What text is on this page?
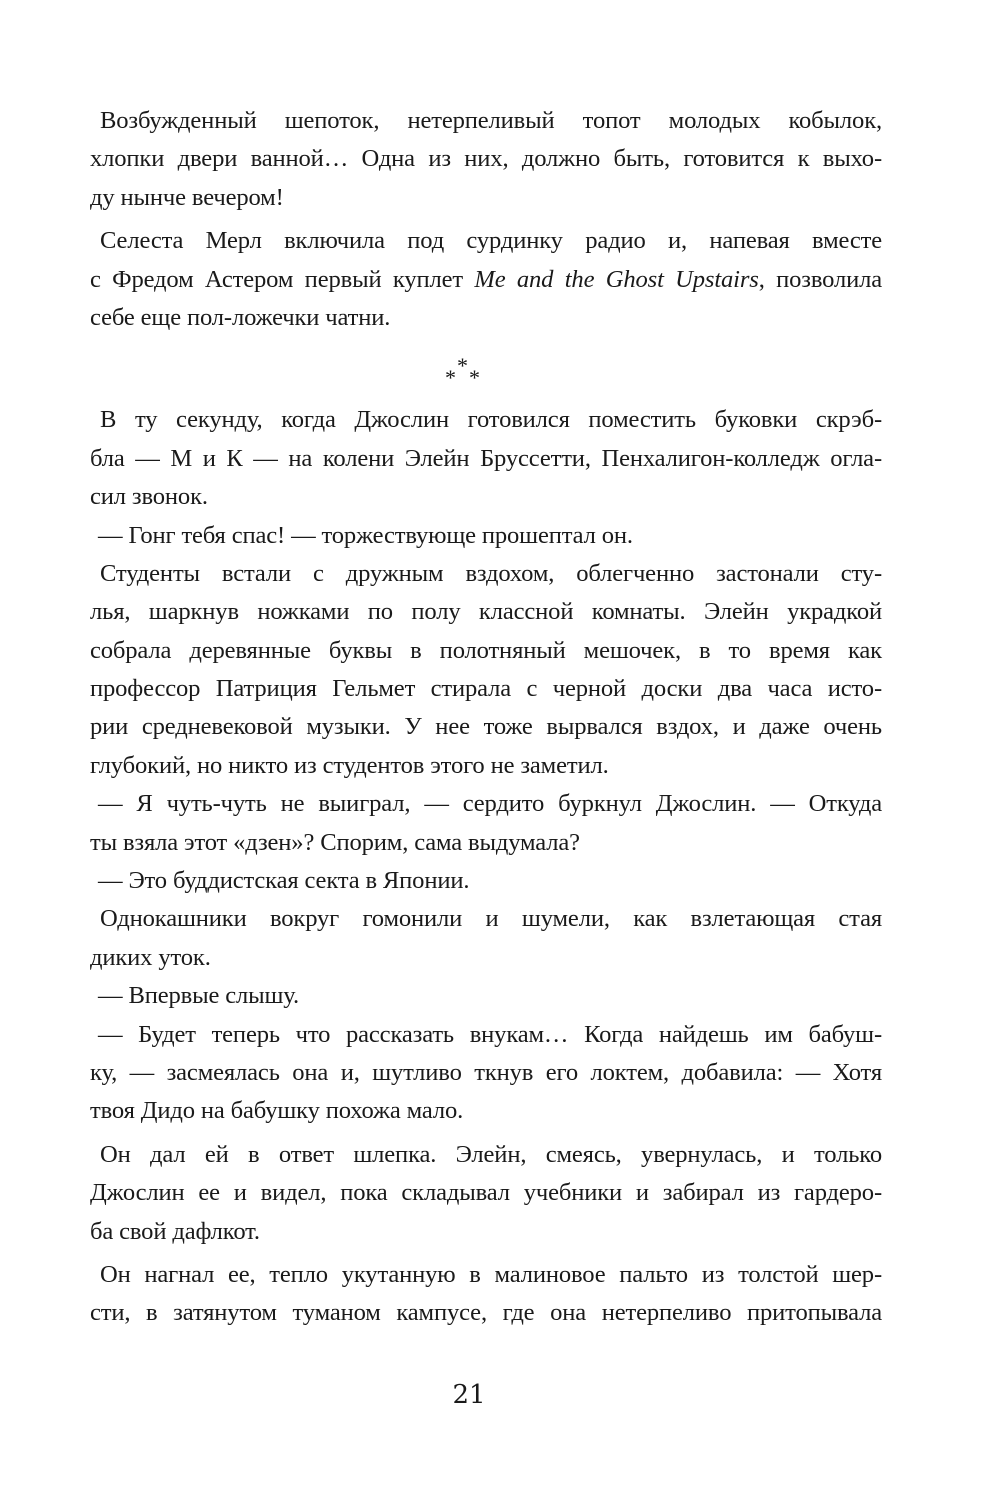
Возбужденный шепоток, нетерпеливый топот молодых кобылок,
хлопки двери ванной… Одна из них, должно быть, готовится к выхо-
ду нынче вечером!
Селеста Мерл включила под сурдинку радио и, напевая вместе
с Фредом Астером первый куплет Me and the Ghost Upstairs, позволила
себе еще пол-ложечки чатни.
* * *
В ту секунду, когда Джослин готовился поместить буковки скрэб-
бла — М и К — на колени Элейн Бруссетти, Пенхалигон-колледж огла-
сил звонок.
— Гонг тебя спас! — торжествующе прошептал он.
Студенты встали с дружным вздохом, облегченно застонали сту-
лья, шаркнув ножками по полу классной комнаты. Элейн украдкой
собрала деревянные буквы в полотняный мешочек, в то время как
профессор Патриция Гельмет стирала с черной доски два часа исто-
рии средневековой музыки. У нее тоже вырвался вздох, и даже очень
глубокий, но никто из студентов этого не заметил.
— Я чуть-чуть не выиграл, — сердито буркнул Джослин. — Откуда
ты взяла этот «дзен»? Спорим, сама выдумала?
— Это буддистская секта в Японии.
Однокашники вокруг гомонили и шумели, как взлетающая стая
диких уток.
— Впервые слышу.
— Будет теперь что рассказать внукам… Когда найдешь им бабуш-
ку, — засмеялась она и, шутливо ткнув его локтем, добавила: — Хотя
твоя Дидо на бабушку похожа мало.
Он дал ей в ответ шлепка. Элейн, смеясь, увернулась, и только
Джослин ее и видел, пока складывал учебники и забирал из гардеро-
ба свой дафлкот.
Он нагнал ее, тепло укутанную в малиновое пальто из толстой шер-
сти, в затянутом туманом кампусе, где она нетерпеливо притопывала
21
